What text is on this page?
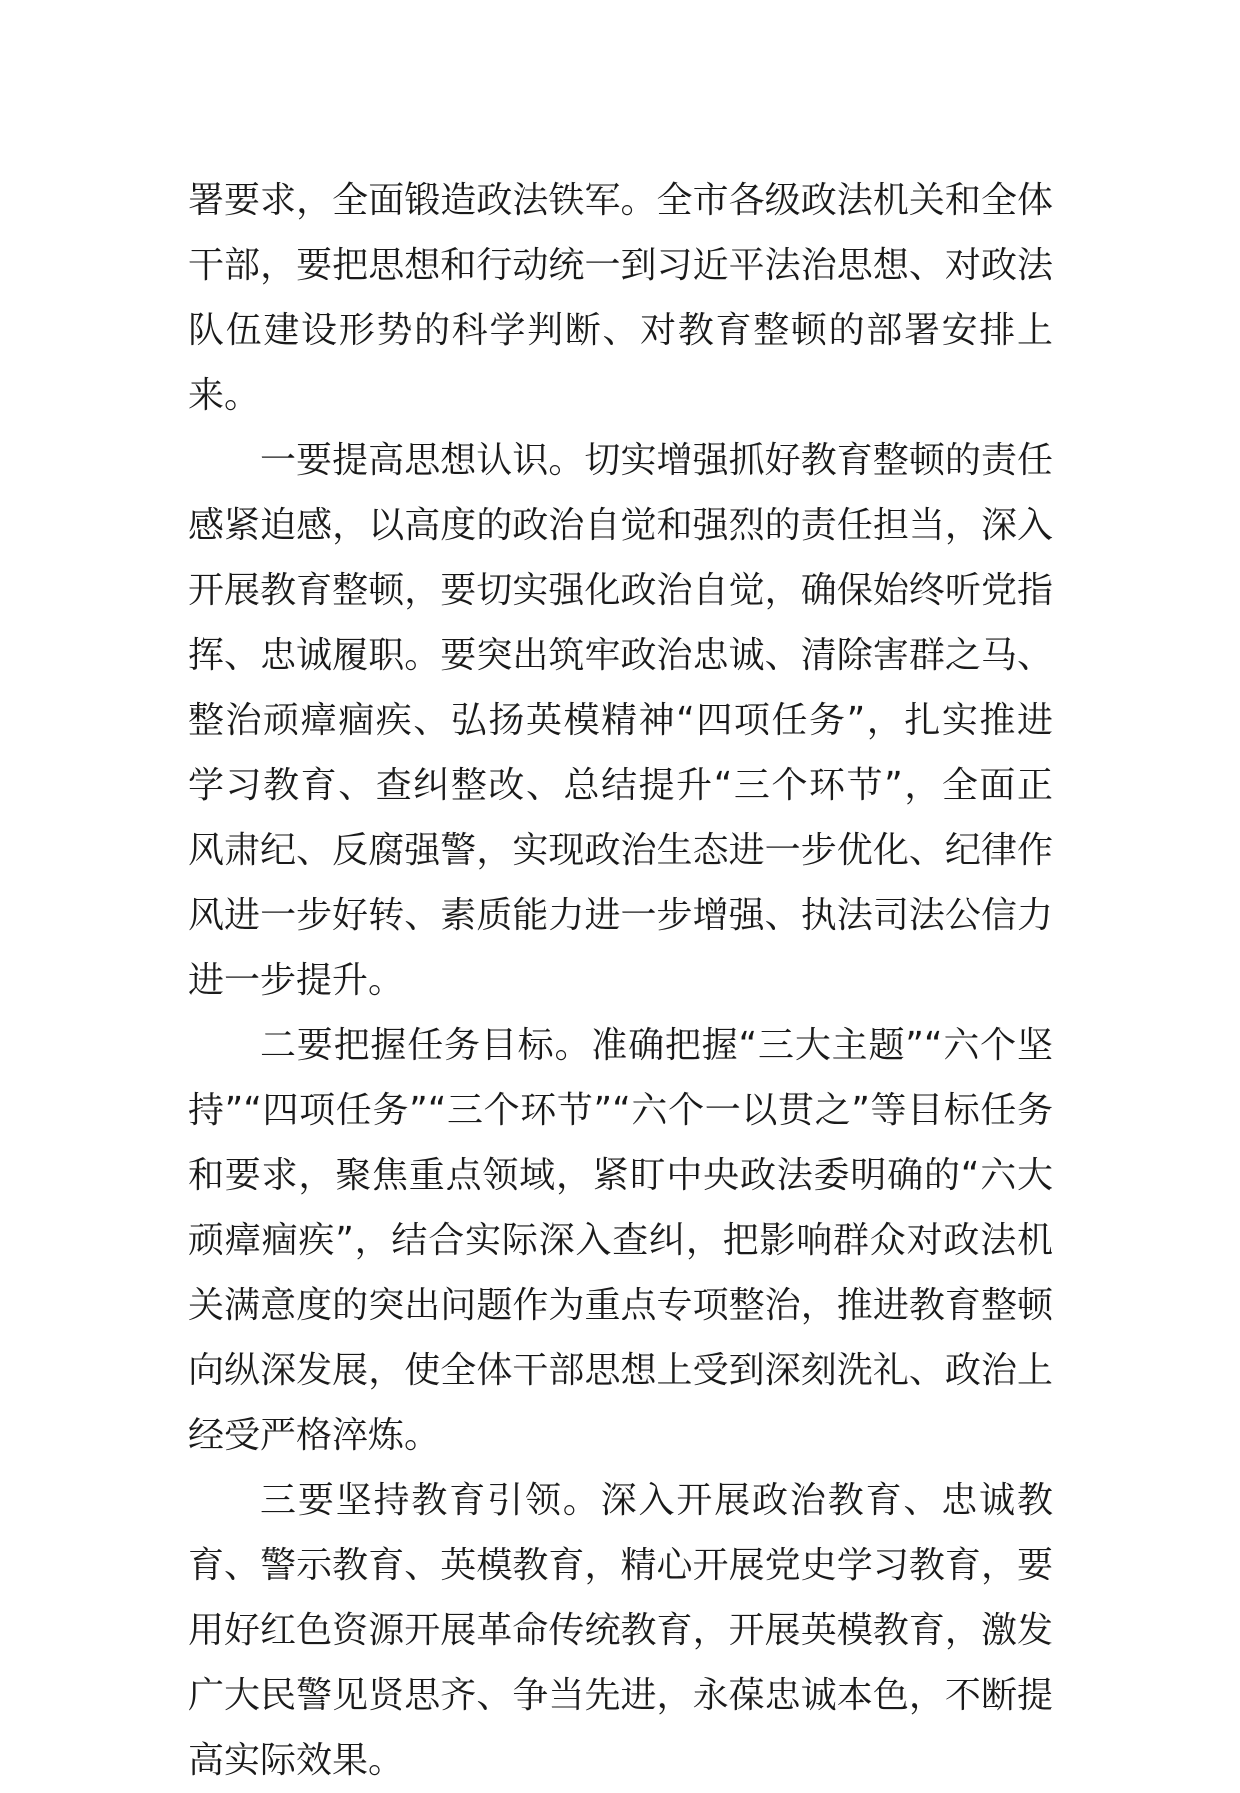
署要求，全面锻造政法铁军。全市各级政法机关和全体干部，要把思想和行动统一到习近平法治思想、对政法队伍建设形势的科学判断、对教育整顿的部署安排上来。

一要提高思想认识。切实增强抓好教育整顿的责任感紧迫感，以高度的政治自觉和强烈的责任担当，深入开展教育整顿，要切实强化政治自觉，确保始终听党指挥、忠诚履职。要突出筑牢政治忠诚、清除害群之马、整治顽瘴痼疾、弘扬英模精神“四项任务”，扎实推进学习教育、查纠整改、总结提升“三个环节”，全面正风肃纪、反腐强警，实现政治生态进一步优化、纪律作风进一步好转、素质能力进一步增强、执法司法公信力进一步提升。

二要把握任务目标。准确把握“三大主题”“六个坚持”“四项任务”“三个环节”“六个一以贯之”等目标任务和要求，聚焦重点领域，紧盯中央政法委明确的“六大顽瘴痼疾”，结合实际深入查纠，把影响群众对政法机关满意度的突出问题作为重点专项整治，推进教育整顿向纵深发展，使全体干部思想上受到深刻洗礼、政治上经受严格淬炼。

三要坚持教育引领。深入开展政治教育、忠诚教育、警示教育、英模教育，精心开展党史学习教育，要用好红色资源开展革命传统教育，开展英模教育，激发广大民警见贤思齐、争当先进，永葆忠诚本色，不断提高实际效果。
